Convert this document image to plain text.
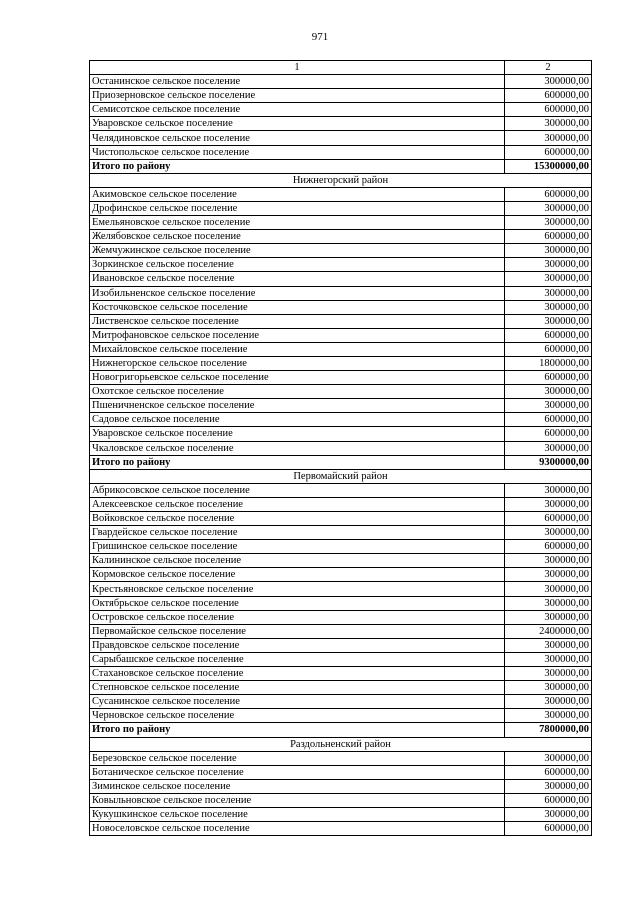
971
1	2
Останинское сельское поселение	300000,00
Приозерновское сельское поселение	600000,00
Семисотское сельское поселение	600000,00
Уваровское сельское поселение	300000,00
Челядиновское сельское поселение	300000,00
Чистопольское сельское поселение	600000,00
Итого по району	15300000,00
Нижнегорский район	
Акимовское сельское поселение	600000,00
Дрофинское сельское поселение	300000,00
Емельяновское сельское поселение	300000,00
Желябовское сельское поселение	600000,00
Жемчужинское сельское поселение	300000,00
Зоркинское сельское поселение	300000,00
Ивановское сельское поселение	300000,00
Изобильненское сельское поселение	300000,00
Косточковское сельское поселение	300000,00
Лиственское сельское поселение	300000,00
Митрофановское сельское поселение	600000,00
Михайловское сельское поселение	600000,00
Нижнегорское сельское поселение	1800000,00
Новогригорьевское сельское поселение	600000,00
Охотское сельское поселение	300000,00
Пшеничненское сельское поселение	300000,00
Садовое сельское поселение	600000,00
Уваровское сельское поселение	600000,00
Чкаловское сельское поселение	300000,00
Итого по району	9300000,00
Первомайский район	
Абрикосовское сельское поселение	300000,00
Алексеевское сельское поселение	300000,00
Войковское сельское поселение	600000,00
Гвардейское сельское поселение	300000,00
Гришинское сельское поселение	600000,00
Калининское сельское поселение	300000,00
Кормовское сельское поселение	300000,00
Крестьяновское сельское поселение	300000,00
Октябрьское сельское поселение	300000,00
Островское сельское поселение	300000,00
Первомайское сельское поселение	2400000,00
Правдовское сельское поселение	300000,00
Сарыбашское сельское поселение	300000,00
Стахановское сельское поселение	300000,00
Степновское сельское поселение	300000,00
Сусанинское сельское поселение	300000,00
Черновское сельское поселение	300000,00
Итого по району	7800000,00
Раздольненский район	
Березовское сельское поселение	300000,00
Ботаническое сельское поселение	600000,00
Зиминское сельское поселение	300000,00
Ковыльновское сельское поселение	600000,00
Кукушкинское сельское поселение	300000,00
Новоселовское сельское поселение	600000,00
